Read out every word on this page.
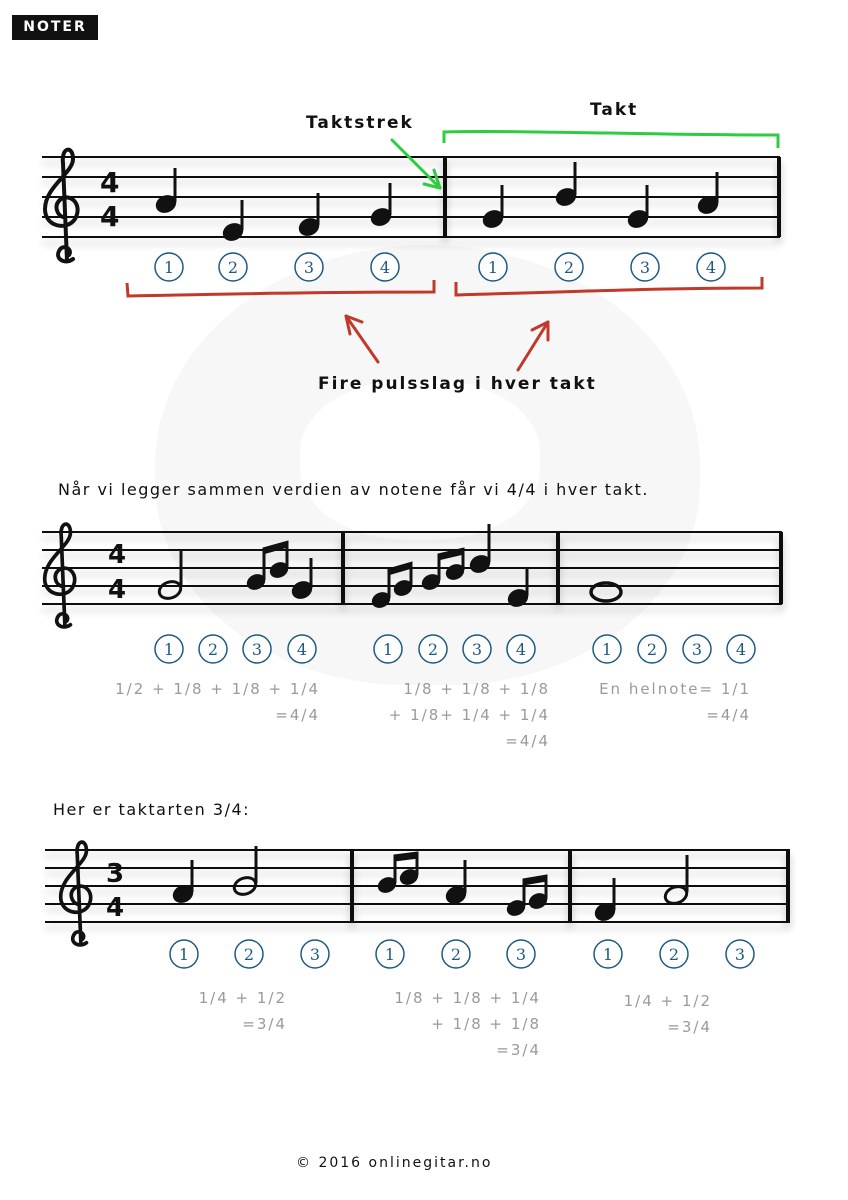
NOTER
Taktstrek
Takt
Fire pulsslag i hver takt
Når vi legger sammen verdien av notene får vi 4/4 i hver takt.
Her er taktarten 3/4:
1/2 + 1/8 + 1/8 + 1/4
=4/4
1/8 + 1/8 + 1/8
+ 1/8+ 1/4 + 1/4
=4/4
En helnote= 1/1
=4/4
1/4 + 1/2
=3/4
1/8 + 1/8 + 1/4
+ 1/8 + 1/8
=3/4
1/4 + 1/2
=3/4
© 2016 onlinegitar.no
4
4
1	2	3	4	1	2	3	4
4
4
1 2 3 4	1 2 3 4	1 2 3 4
3
4
1	2	3	1	2	3	1	2	3
